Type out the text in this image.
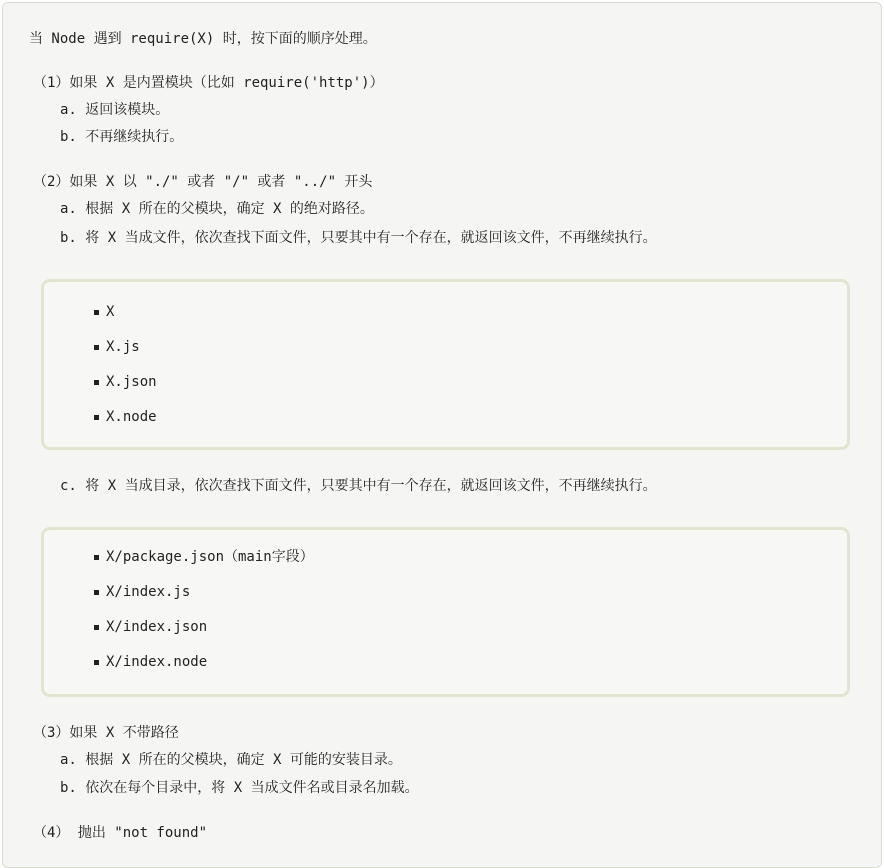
当 Node 遇到 require(X) 时，按下面的顺序处理。
（1）如果 X 是内置模块（比如 require('http')）
a. 返回该模块。
b. 不再继续执行。
（2）如果 X 以 "./" 或者 "/" 或者 "../" 开头
a. 根据 X 所在的父模块，确定 X 的绝对路径。
b. 将 X 当成文件，依次查找下面文件，只要其中有一个存在，就返回该文件，不再继续执行。

X

X.js

X.json

X.node

c. 将 X 当成目录，依次查找下面文件，只要其中有一个存在，就返回该文件，不再继续执行。

X/package.json（main字段）

X/index.js

X/index.json

X/index.node

（3）如果 X 不带路径
a. 根据 X 所在的父模块，确定 X 可能的安装目录。
b. 依次在每个目录中，将 X 当成文件名或目录名加载。
（4） 抛出 "not found"
